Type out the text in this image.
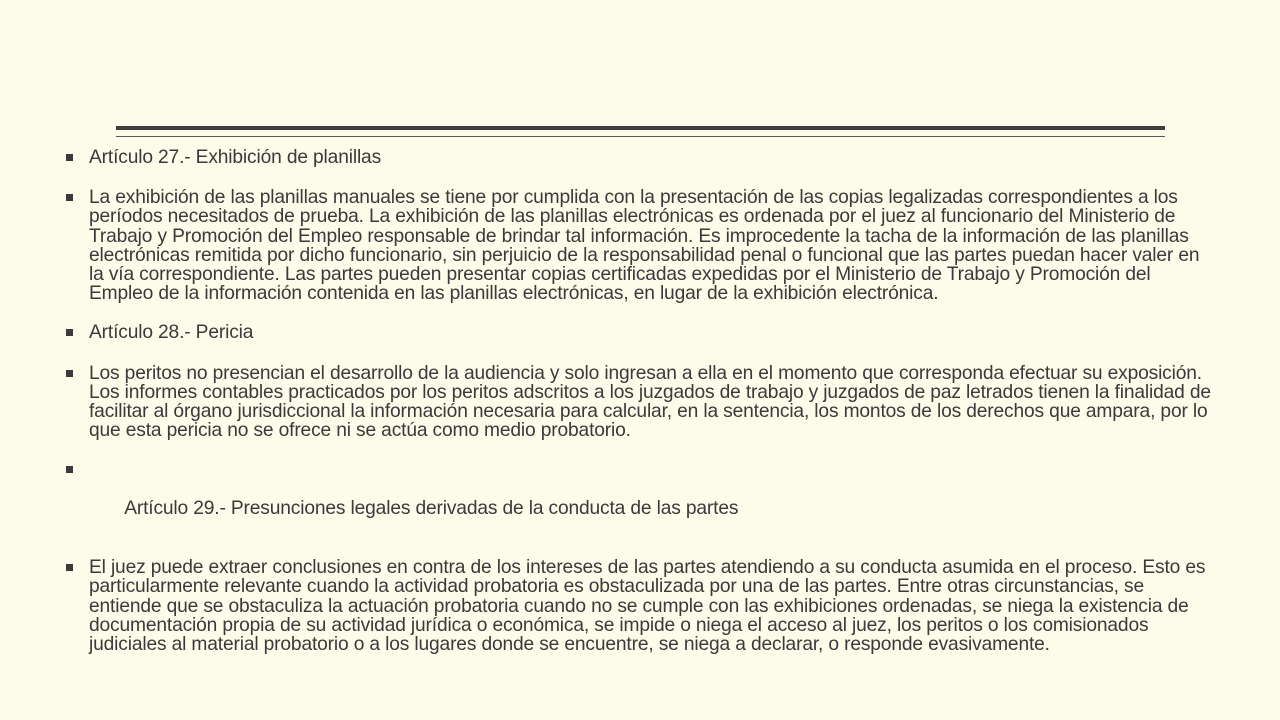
Artículo 27.- Exhibición de planillas
La exhibición de las planillas manuales se tiene por cumplida con la presentación de las copias legalizadas correspondientes a los períodos necesitados de prueba. La exhibición de las planillas electrónicas es ordenada por el juez al funcionario del Ministerio de Trabajo y Promoción del Empleo responsable de brindar tal información. Es improcedente la tacha de la información de las planillas electrónicas remitida por dicho funcionario, sin perjuicio de la responsabilidad penal o funcional que las partes puedan hacer valer en la vía correspondiente. Las partes pueden presentar copias certificadas expedidas por el Ministerio de Trabajo y Promoción del Empleo de la información contenida en las planillas electrónicas, en lugar de la exhibición electrónica.
Artículo 28.- Pericia
Los peritos no presencian el desarrollo de la audiencia y solo ingresan a ella en el momento que corresponda efectuar su exposición. Los informes contables practicados por los peritos adscritos a los juzgados de trabajo y juzgados de paz letrados tienen la finalidad de facilitar al órgano jurisdiccional la información necesaria para calcular, en la sentencia, los montos de los derechos que ampara, por lo que esta pericia no se ofrece ni se actúa como medio probatorio.

Artículo 29.- Presunciones legales derivadas de la conducta de las partes

El juez puede extraer conclusiones en contra de los intereses de las partes atendiendo a su conducta asumida en el proceso. Esto es particularmente relevante cuando la actividad probatoria es obstaculizada por una de las partes. Entre otras circunstancias, se entiende que se obstaculiza la actuación probatoria cuando no se cumple con las exhibiciones ordenadas, se niega la existencia de documentación propia de su actividad jurídica o económica, se impide o niega el acceso al juez, los peritos o los comisionados judiciales al material probatorio o a los lugares donde se encuentre, se niega a declarar, o responde evasivamente.
